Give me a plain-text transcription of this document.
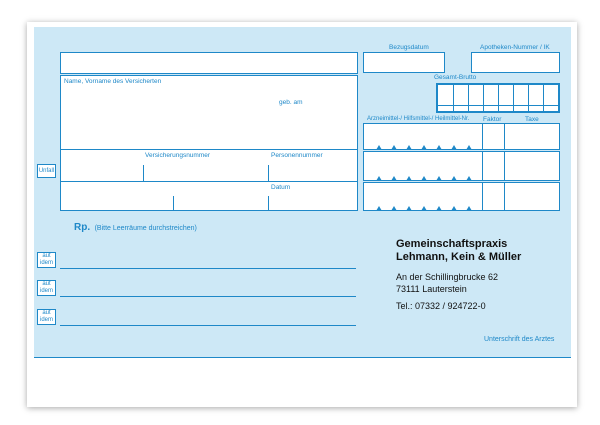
Name, Vorname des Versicherten
geb. am
Versicherungsnummer	Personennummer
Datum
Unfall
Bezugsdatum	Apotheken-Nummer / IK
Gesamt-Brutto
Arzneimittel-/ Hilfsmittel-/ Heilmittel-Nr. Faktor	Taxe
Rp. (Bitte Leerräume durchstreichen)
aut idem
aut idem
aut idem
Gemeinschaftspraxis
Lehmann, Kein & Müller
An der Schillingbrucke 62
73111 Lauterstein
Tel.: 07332 / 924722-0
Unterschrift des Arztes
